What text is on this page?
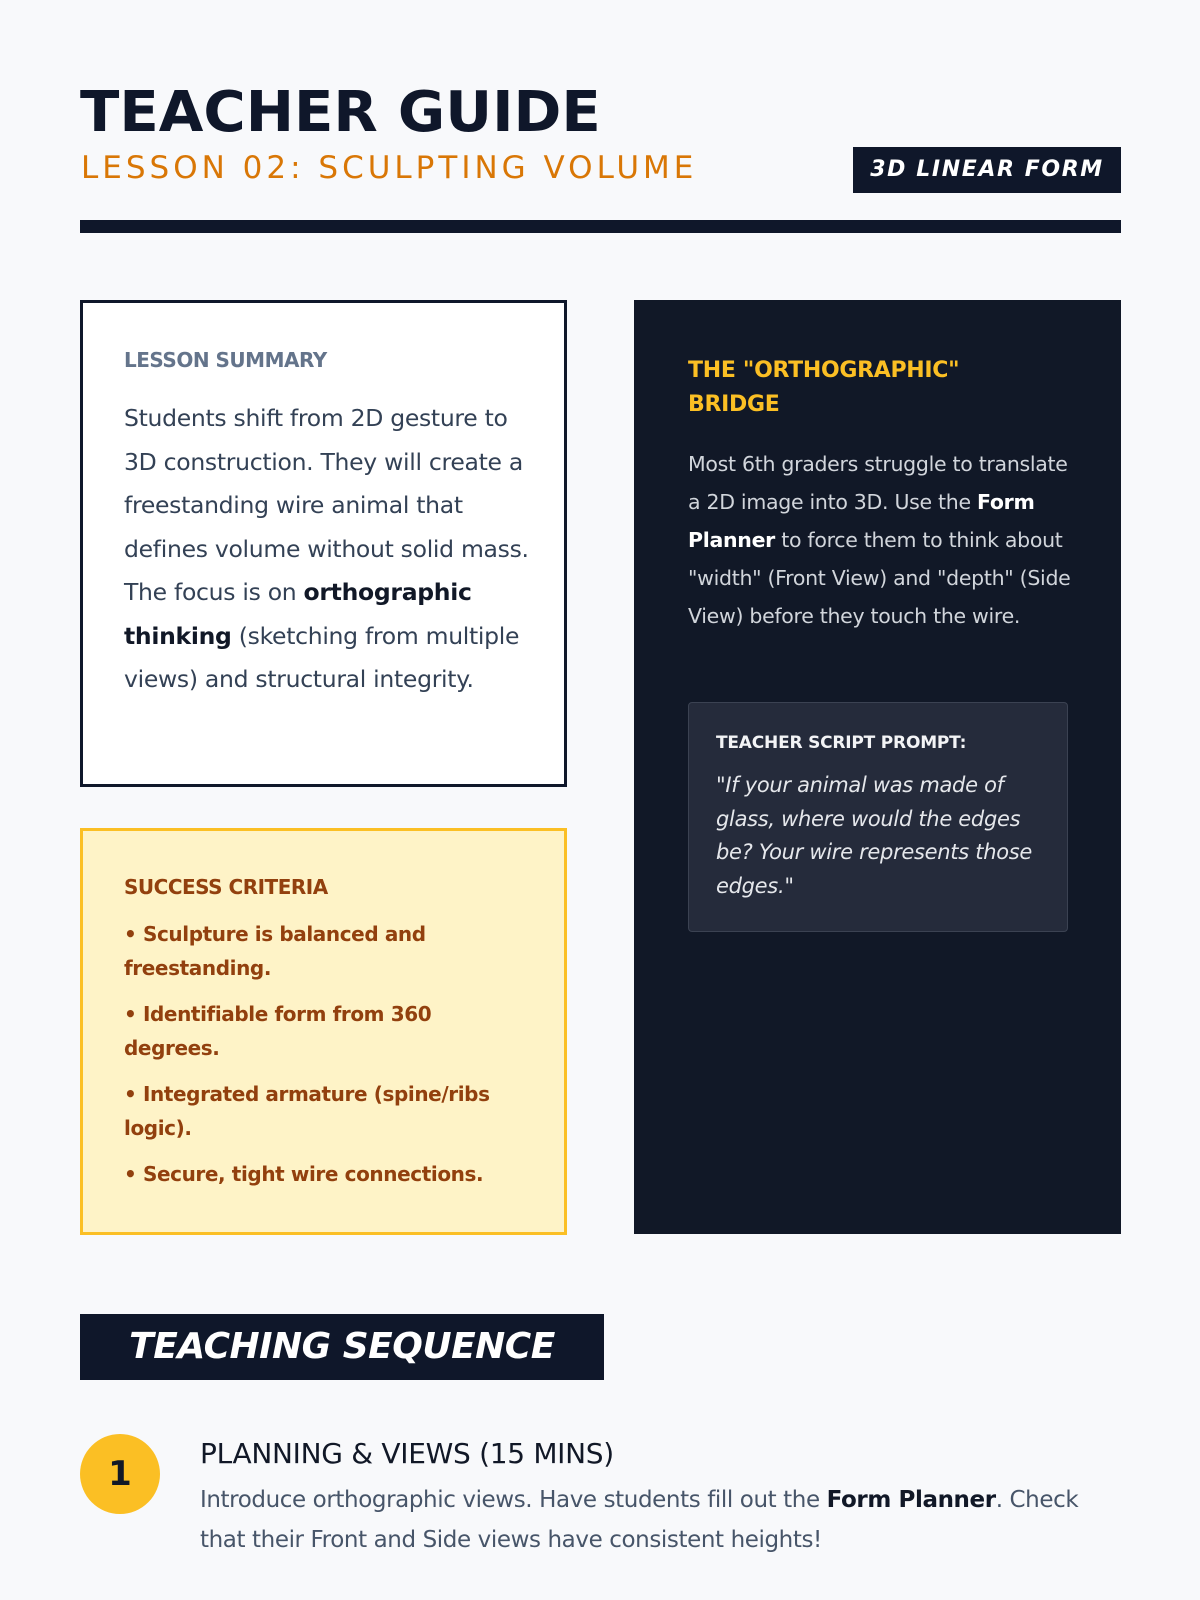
TEACHER GUIDE
LESSON 02: SCULPTING VOLUME	3D LINEAR FORM
LESSON SUMMARY
Students shift from 2D gesture to 3D construction. They will create a freestanding wire animal that defines volume without solid mass. The focus is on orthographic thinking (sketching from multiple views) and structural integrity.
SUCCESS CRITERIA
• Sculpture is balanced and freestanding.
• Identifiable form from 360 degrees.
• Integrated armature (spine/ribs logic).
• Secure, tight wire connections.
THE "ORTHOGRAPHIC" BRIDGE
Most 6th graders struggle to translate a 2D image into 3D. Use the Form Planner to force them to think about "width" (Front View) and "depth" (Side View) before they touch the wire.
TEACHER SCRIPT PROMPT:
"If your animal was made of glass, where would the edges be? Your wire represents those edges."
TEACHING SEQUENCE
1
PLANNING & VIEWS (15 MINS)
Introduce orthographic views. Have students fill out the Form Planner. Check that their Front and Side views have consistent heights!
